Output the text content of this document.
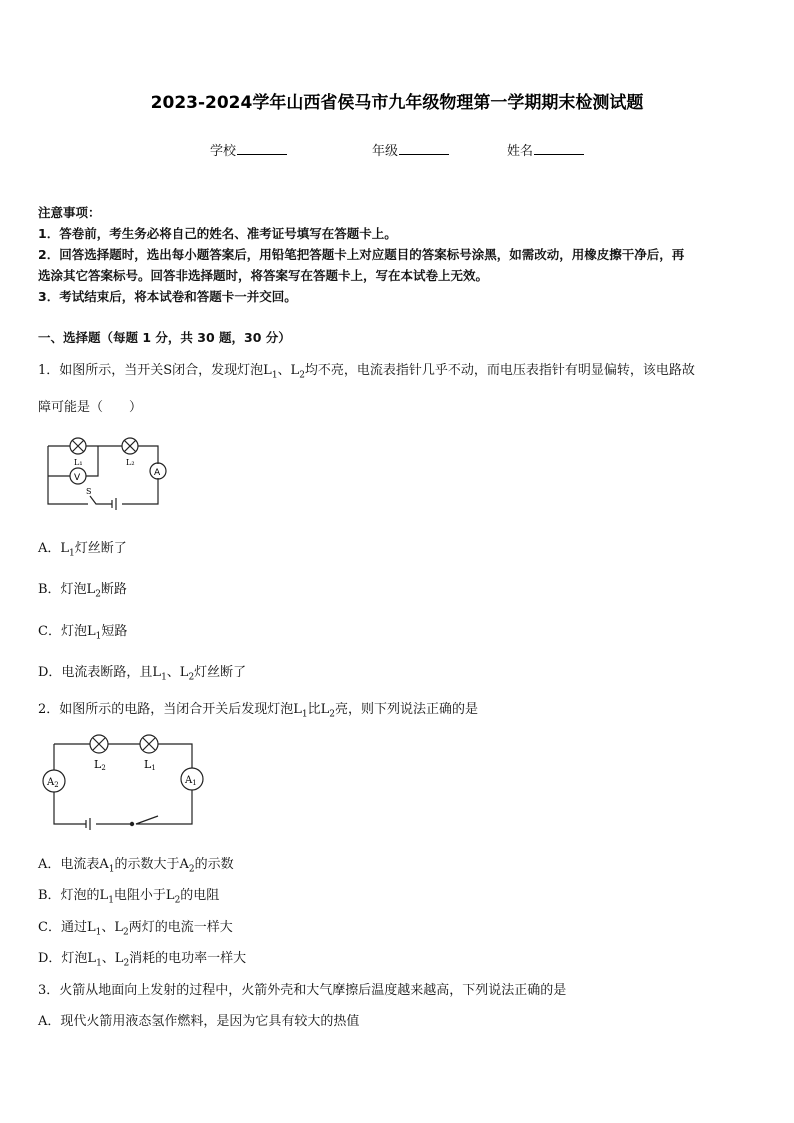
2023-2024学年山西省侯马市九年级物理第一学期期末检测试题
学校	年级	姓名
注意事项：
1．答卷前，考生务必将自己的姓名、准考证号填写在答题卡上。
2．回答选择题时，选出每小题答案后，用铅笔把答题卡上对应题目的答案标号涂黑，如需改动，用橡皮擦干净后，再
选涂其它答案标号。回答非选择题时，将答案写在答题卡上，写在本试卷上无效。
3．考试结束后，将本试卷和答题卡一并交回。
一、选择题（每题 1 分，共 30 题，30 分）
1．如图所示，当开关S闭合，发现灯泡$L_1$、$L_2$均不亮，电流表指针几乎不动，而电压表指针有明显偏转，该电路故
障可能是（　　）
L₁	L₂
V	A
S
A．$L_1$灯丝断了
B．灯泡$L_2$断路
C．灯泡$L_1$短路
D．电流表断路，且$L_1$、$L_2$灯丝断了
2．如图所示的电路，当闭合开关后发现灯泡$L_1$比$L_2$亮，则下列说法正确的是
L2	L1
$A_2$	$A_1$
A．电流表$A_1$的示数大于$A_2$的示数
B．灯泡的$L_1$电阻小于$L_2$的电阻
C．通过$L_1$、$L_2$两灯的电流一样大
D．灯泡$L_1$、$L_2$消耗的电功率一样大
3．火箭从地面向上发射的过程中，火箭外壳和大气摩擦后温度越来越高，下列说法正确的是
A．现代火箭用液态氢作燃料，是因为它具有较大的热值
